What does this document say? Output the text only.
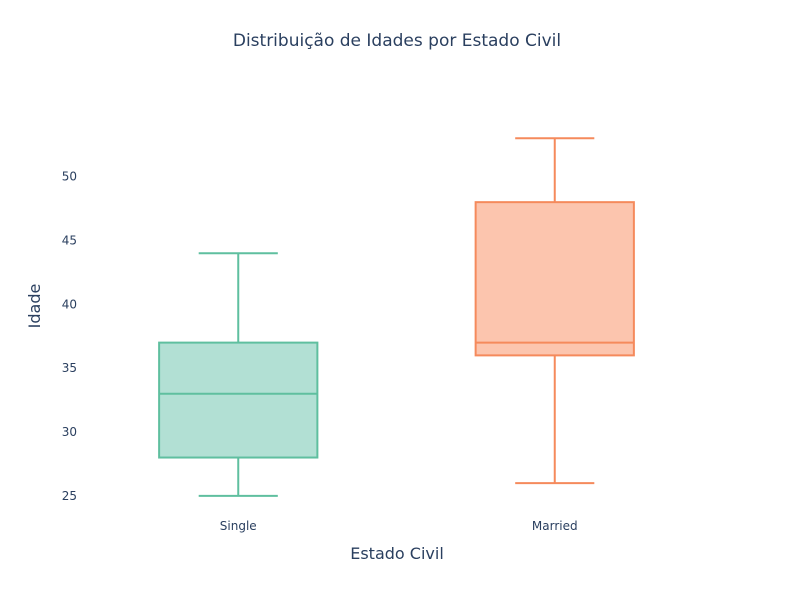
Distribuição de Idades por Estado Civil
Estado Civil
Idade
25
30
35
40
45
50
Single	Married
